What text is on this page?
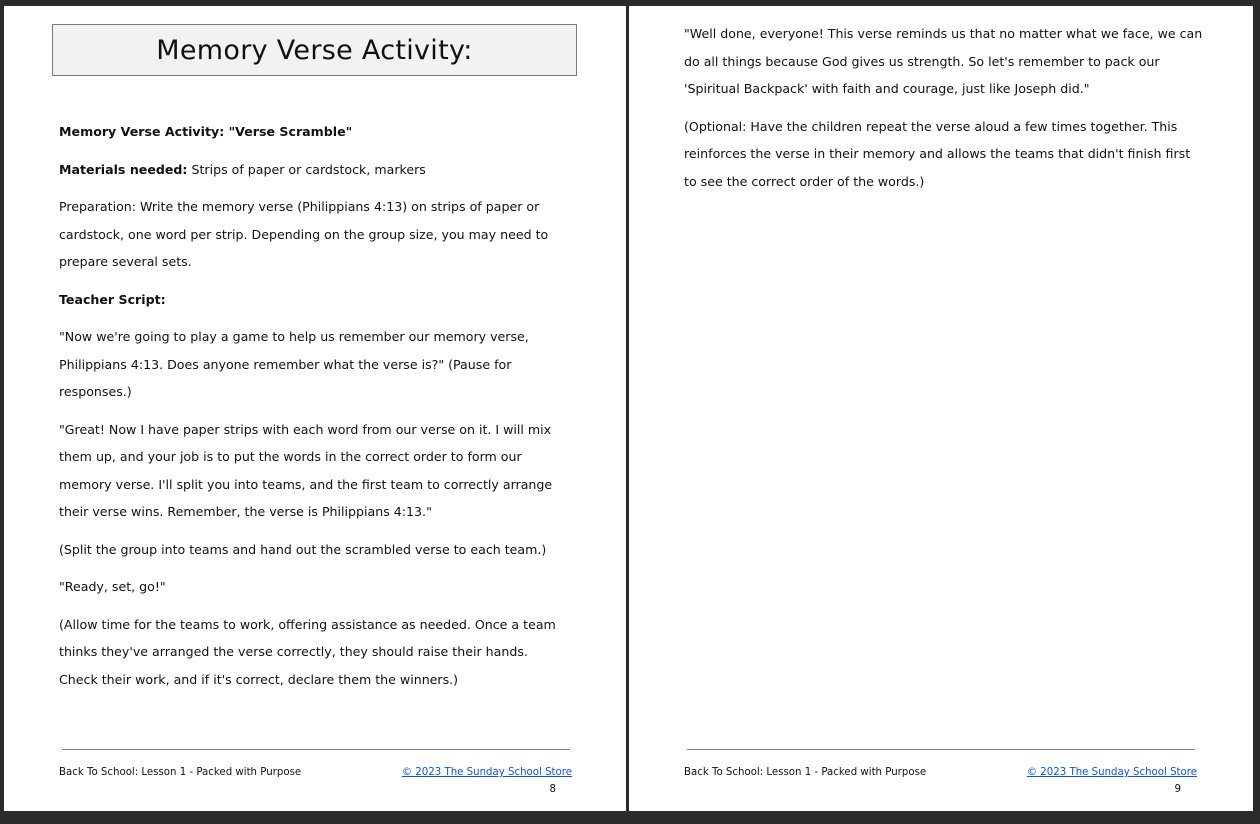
Memory Verse Activity:

Memory Verse Activity: "Verse Scramble"

Materials needed: Strips of paper or cardstock, markers

Preparation: Write the memory verse (Philippians 4:13) on strips of paper or cardstock, one word per strip. Depending on the group size, you may need to prepare several sets.

Teacher Script:

"Now we're going to play a game to help us remember our memory verse, Philippians 4:13. Does anyone remember what the verse is?" (Pause for responses.)

"Great! Now I have paper strips with each word from our verse on it. I will mix them up, and your job is to put the words in the correct order to form our memory verse. I'll split you into teams, and the first team to correctly arrange their verse wins. Remember, the verse is Philippians 4:13."

(Split the group into teams and hand out the scrambled verse to each team.)

"Ready, set, go!"

(Allow time for the teams to work, offering assistance as needed. Once a team thinks they've arranged the verse correctly, they should raise their hands. Check their work, and if it's correct, declare them the winners.)

Back To School: Lesson 1 - Packed with Purpose	© 2023 The Sunday School Store
8

"Well done, everyone! This verse reminds us that no matter what we face, we can do all things because God gives us strength. So let's remember to pack our 'Spiritual Backpack' with faith and courage, just like Joseph did."

(Optional: Have the children repeat the verse aloud a few times together. This reinforces the verse in their memory and allows the teams that didn't finish first to see the correct order of the words.)

Back To School: Lesson 1 - Packed with Purpose	© 2023 The Sunday School Store
9
